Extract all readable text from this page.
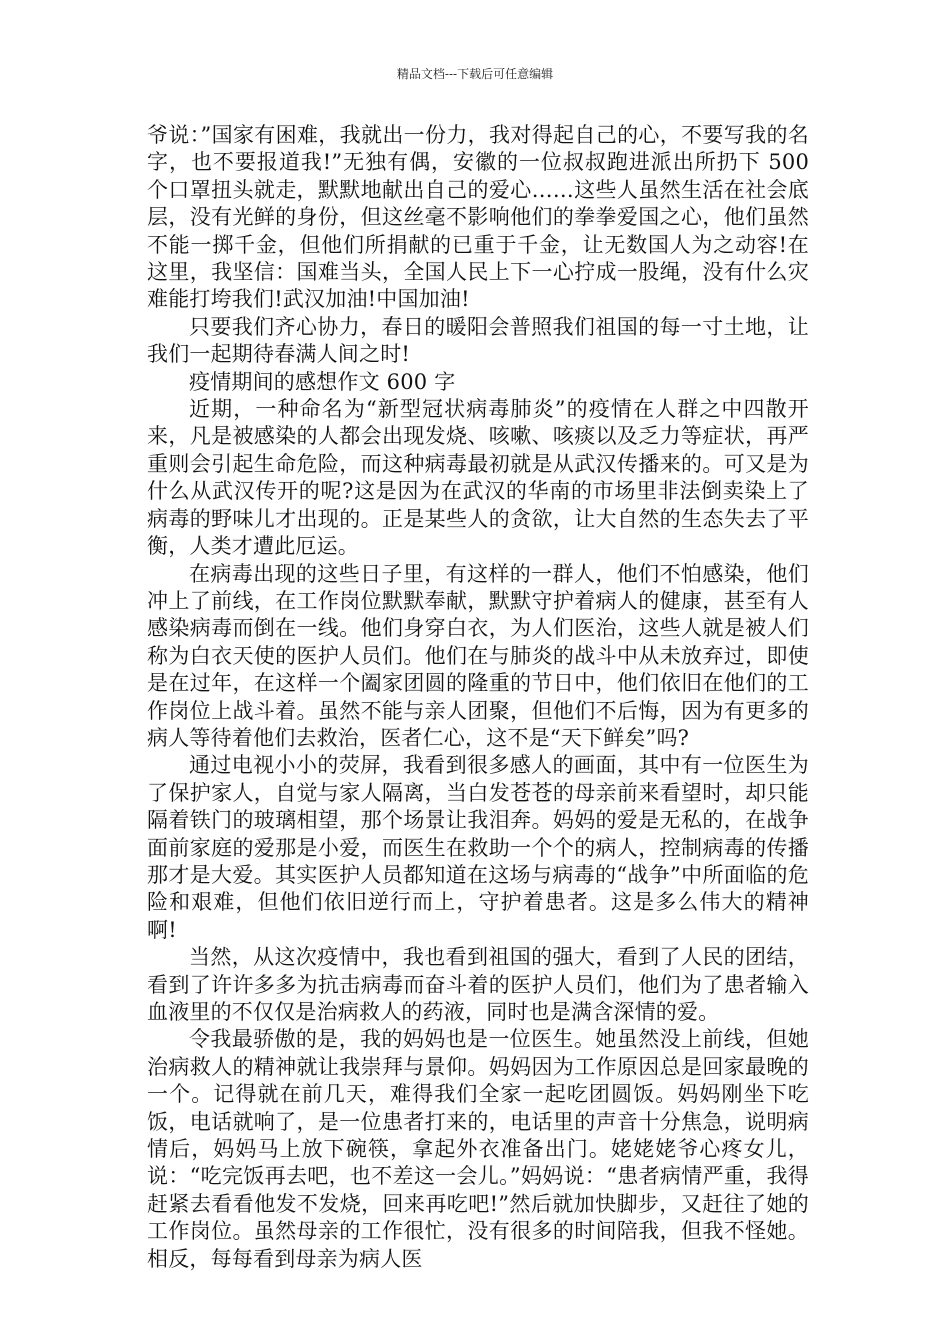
精品文档---下载后可任意编辑

爷说：”国家有困难，我就出一份力，我对得起自己的心，不要写我的名字，也不要报道我!”无独有偶，安徽的一位叔叔跑进派出所扔下 500 个口罩扭头就走，默默地献出自己的爱心……这些人虽然生活在社会底层，没有光鲜的身份，但这丝毫不影响他们的拳拳爱国之心，他们虽然不能一掷千金，但他们所捐献的已重于千金，让无数国人为之动容!在这里，我坚信：国难当头，全国人民上下一心拧成一股绳，没有什么灾难能打垮我们!武汉加油!中国加油!

只要我们齐心协力，春日的暖阳会普照我们祖国的每一寸土地，让我们一起期待春满人间之时!

疫情期间的感想作文 600 字

近期，一种命名为“新型冠状病毒肺炎”的疫情在人群之中四散开来，凡是被感染的人都会出现发烧、咳嗽、咳痰以及乏力等症状，再严重则会引起生命危险，而这种病毒最初就是从武汉传播来的。可又是为什么从武汉传开的呢?这是因为在武汉的华南的市场里非法倒卖染上了病毒的野味儿才出现的。正是某些人的贪欲，让大自然的生态失去了平衡，人类才遭此厄运。

在病毒出现的这些日子里，有这样的一群人，他们不怕感染，他们冲上了前线，在工作岗位默默奉献，默默守护着病人的健康，甚至有人感染病毒而倒在一线。他们身穿白衣，为人们医治，这些人就是被人们称为白衣天使的医护人员们。他们在与肺炎的战斗中从未放弃过，即使是在过年，在这样一个阖家团圆的隆重的节日中，他们依旧在他们的工作岗位上战斗着。虽然不能与亲人团聚，但他们不后悔，因为有更多的病人等待着他们去救治，医者仁心，这不是“天下鲜矣”吗?

通过电视小小的荧屏，我看到很多感人的画面，其中有一位医生为了保护家人，自觉与家人隔离，当白发苍苍的母亲前来看望时，却只能隔着铁门的玻璃相望，那个场景让我泪奔。妈妈的爱是无私的，在战争面前家庭的爱那是小爱，而医生在救助一个个的病人，控制病毒的传播那才是大爱。其实医护人员都知道在这场与病毒的“战争”中所面临的危险和艰难，但他们依旧逆行而上，守护着患者。这是多么伟大的精神啊!

当然，从这次疫情中，我也看到祖国的强大，看到了人民的团结，看到了许许多多为抗击病毒而奋斗着的医护人员们，他们为了患者输入血液里的不仅仅是治病救人的药液，同时也是满含深情的爱。

令我最骄傲的是，我的妈妈也是一位医生。她虽然没上前线，但她治病救人的精神就让我崇拜与景仰。妈妈因为工作原因总是回家最晚的一个。记得就在前几天，难得我们全家一起吃团圆饭。妈妈刚坐下吃饭，电话就响了，是一位患者打来的，电话里的声音十分焦急，说明病情后，妈妈马上放下碗筷，拿起外衣准备出门。姥姥姥爷心疼女儿，说：“吃完饭再去吧，也不差这一会儿。”妈妈说：“患者病情严重，我得赶紧去看看他发不发烧，回来再吃吧!”然后就加快脚步，又赶往了她的工作岗位。虽然母亲的工作很忙，没有很多的时间陪我，但我不怪她。相反，每每看到母亲为病人医
